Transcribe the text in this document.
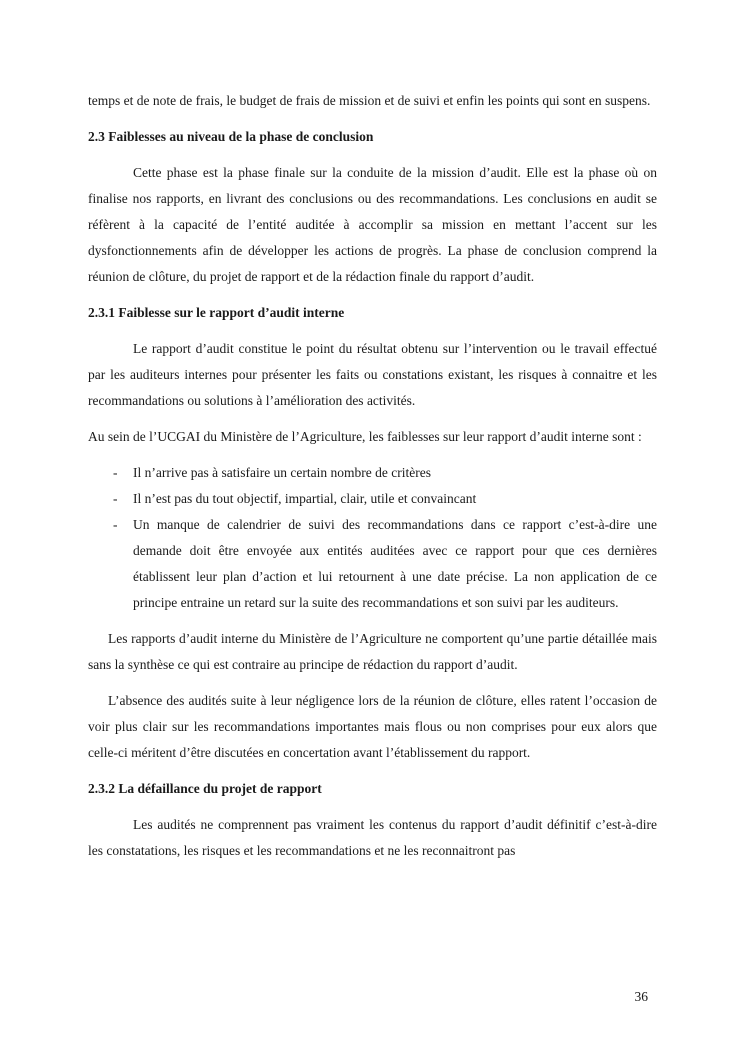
temps et de note de frais, le budget de frais de mission et de suivi et enfin les points qui sont en suspens.

2.3 Faiblesses au niveau de la phase de conclusion

Cette phase est la phase finale sur la conduite de la mission d’audit. Elle est la phase où on finalise nos rapports, en livrant des conclusions ou des recommandations. Les conclusions en audit se réfèrent à la capacité de l’entité auditée à accomplir sa mission en mettant l’accent sur les dysfonctionnements afin de développer les actions de progrès. La phase de conclusion comprend la réunion de clôture, du projet de rapport et de la rédaction finale du rapport d’audit.

2.3.1 Faiblesse sur le rapport d’audit interne

Le rapport d’audit constitue le point du résultat obtenu sur l’intervention ou le travail effectué par les auditeurs internes pour présenter les faits ou constations existant, les risques à connaitre et les recommandations ou solutions à l’amélioration des activités.

Au sein de l’UCGAI du Ministère de l’Agriculture, les faiblesses sur leur rapport d’audit interne sont :

-	Il n’arrive pas à satisfaire un certain nombre de critères
-	Il n’est pas du tout objectif, impartial, clair, utile et convaincant
-	Un manque de calendrier de suivi des recommandations dans ce rapport c’est-à-dire une demande doit être envoyée aux entités auditées avec ce rapport pour que ces dernières établissent leur plan d’action et lui retournent à une date précise. La non application de ce principe entraine un retard sur la suite des recommandations et son suivi par les auditeurs.

Les rapports d’audit interne du Ministère de l’Agriculture ne comportent qu’une partie détaillée mais sans la synthèse ce qui est contraire au principe de rédaction du rapport d’audit.

L’absence des audités suite à leur négligence lors de la réunion de clôture, elles ratent l’occasion de voir plus clair sur les recommandations importantes mais flous ou non comprises pour eux alors que celle-ci méritent d’être discutées en concertation avant l’établissement du rapport.

2.3.2 La défaillance du projet de rapport

Les audités ne comprennent pas vraiment les contenus du rapport d’audit définitif c’est-à-dire les constatations, les risques et les recommandations et ne les reconnaitront pas

36
